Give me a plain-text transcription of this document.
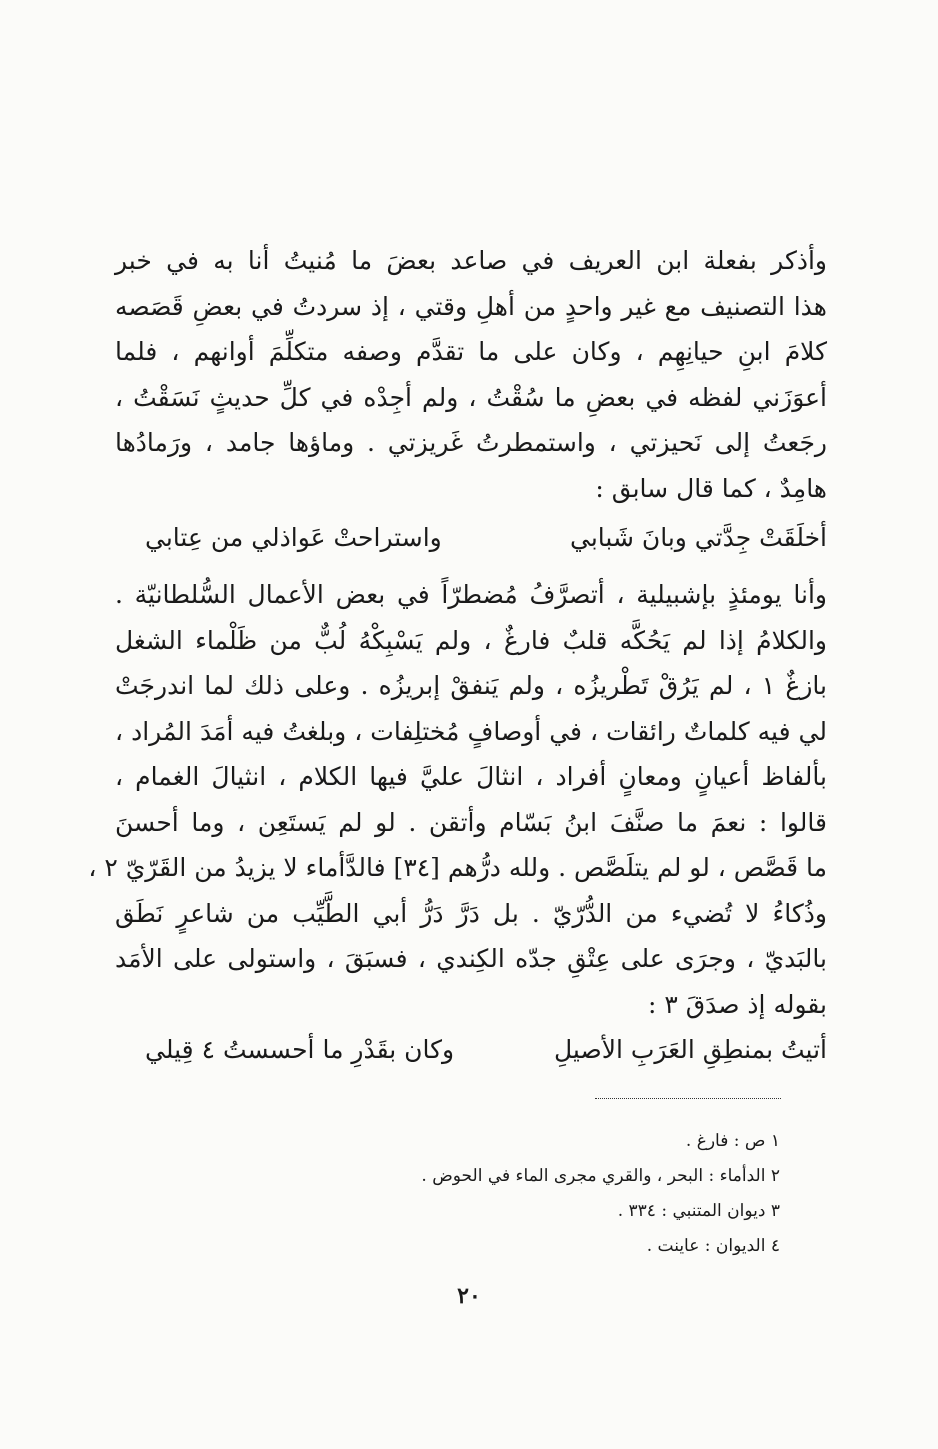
وأذكر بفعلة ابن العريف في صاعد بعضَ ما مُنيتُ أنا به في خبر
هذا التصنيف مع غير واحدٍ من أهلِ وقتي ، إذ سردتُ في بعضِ قَصَصه
كلامَ ابنِ حيانِهِم ، وكان على ما تقدَّم وصفه متكلِّمَ أوانهم ، فلما
أعوَزَني لفظه في بعضِ ما سُقْتُ ، ولم أجِدْه في كلِّ حديثٍ نَسَقْتُ ،
رجَعتُ إلى نَحيزتي ، واستمطرتُ غَريزتي . وماؤها جامد ، ورَمادُها
هامِدٌ ، كما قال سابق :
أخلَقَتْ جِدَّتي وبانَ شَبابي
واستراحتْ عَواذلي من عِتابي
وأنا يومئذٍ بإشبيلية ، أتصرَّفُ مُضطرّاً في بعض الأعمال السُّلطانيّة .
والكلامُ إذا لم يَحُكَّه قلبٌ فارغٌ ، ولم يَسْبِكْهُ لُبٌّ من ظَلْماء الشغل
بازغٌ ١ ، لم يَرُقْ تَطْريزُه ، ولم يَنفقْ إبريزُه . وعلى ذلك لما اندرجَتْ
لي فيه كلماتٌ رائقات ، في أوصافٍ مُختلِفات ، وبلغتُ فيه أمَدَ المُراد ،
بألفاظ أعيانٍ ومعانٍ أفراد ، انثالَ عليَّ فيها الكلام ، انثيالَ الغمام ،
قالوا : نعمَ ما صنَّفَ ابنُ بَسّام وأتقن . لو لم يَستَعِن ، وما أحسنَ
ما قَصَّص ، لو لم يتلَصَّص . ولله درُّهم [٣٤] فالدَّأماء لا يزيدُ من القَرّيّ ٢ ،
وذُكاءُ لا تُضيء من الدُّرّيّ . بل دَرَّ دَرُّ أبي الطَّيِّب من شاعرٍ نَطَق
بالبَديّ ، وجرَى على عِتْقِ جدّه الكِندي ، فسبَقَ ، واستولى على الأمَد
بقوله إذ صدَقَ ٣ :
أتيتُ بمنطِقِ العَرَبِ الأصيلِ
وكان بقَدْرِ ما أحسستُ ٤ قِيلي
١ ص : فارغ .
٢ الدأماء : البحر ، والقري مجرى الماء في الحوض .
٣ ديوان المتنبي : ٣٣٤ .
٤ الديوان : عاينت .
٢٠
